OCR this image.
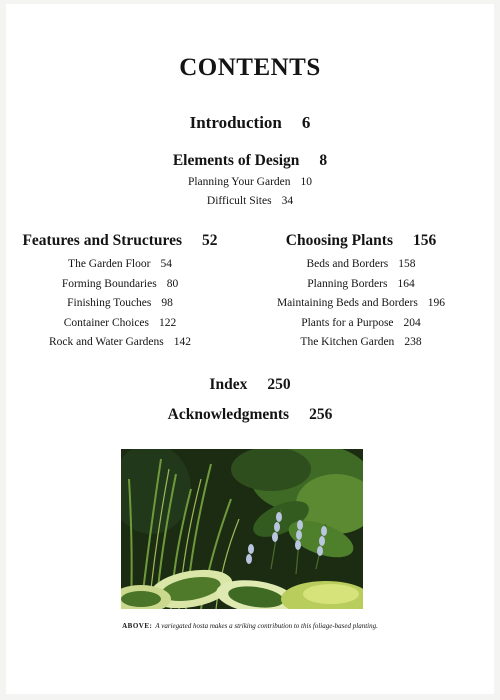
CONTENTS
Introduction 6
Elements of Design 8
Planning Your Garden 10
Difficult Sites 34
Features and Structures 52
The Garden Floor 54
Forming Boundaries 80
Finishing Touches 98
Container Choices 122
Rock and Water Gardens 142
Choosing Plants 156
Beds and Borders 158
Planning Borders 164
Maintaining Beds and Borders 196
Plants for a Purpose 204
The Kitchen Garden 238
Index 250
Acknowledgments 256
ABOVE: A variegated hosta makes a striking contribution to this foliage-based planting.
